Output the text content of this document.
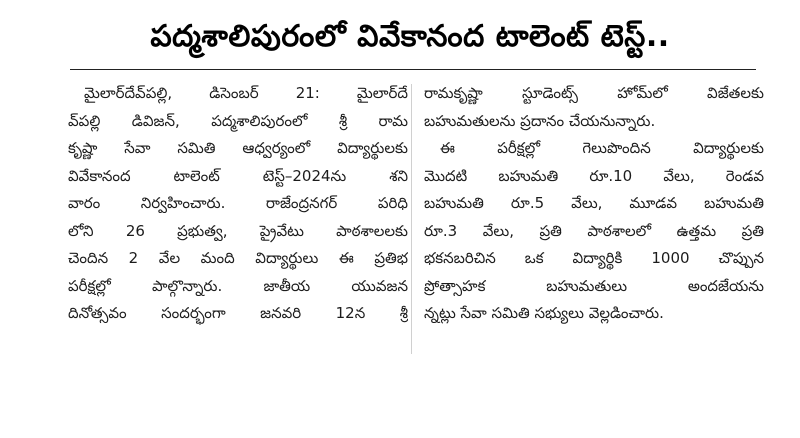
పద్మశాలిపురంలో వివేకానంద టాలెంట్ టెస్ట్..
మైలార్‌దేవ్‌పల్లి, డిసెంబర్ 21: మైలార్‌దే
వ్‌పల్లి డివిజన్, పద్మశాలిపురంలో శ్రీ రామ
కృష్ణా సేవా సమితి ఆధ్వర్యంలో విద్యార్థులకు
వివేకానంద టాలెంట్ టెస్ట్–2024ను శని
వారం నిర్వహించారు. రాజేంద్రనగర్ పరిధి
లోని 26 ప్రభుత్వ, ప్రైవేటు పాఠశాలలకు
చెందిన 2 వేల మంది విద్యార్థులు ఈ ప్రతిభ
పరీక్షల్లో పాల్గొన్నారు. జాతీయ యువజన
దినోత్సవం సందర్భంగా జనవరి 12న శ్రీ
రామకృష్ణా స్టూడెంట్స్ హోమ్‌లో విజేతలకు
బహుమతులను ప్రదానం చేయనున్నారు.
ఈ పరీక్షల్లో గెలుపొందిన విద్యార్థులకు
మొదటి బహుమతి రూ.10 వేలు, రెండవ
బహుమతి రూ.5 వేలు, మూడవ బహుమతి
రూ.3 వేలు, ప్రతి పాఠశాలలో ఉత్తమ ప్రతి
భకనబరిచిన ఒక విద్యార్థికి 1000 చొప్పున
ప్రోత్సాహక బహుమతులు అందజేయను
న్నట్లు సేవా సమితి సభ్యులు వెల్లడించారు.
